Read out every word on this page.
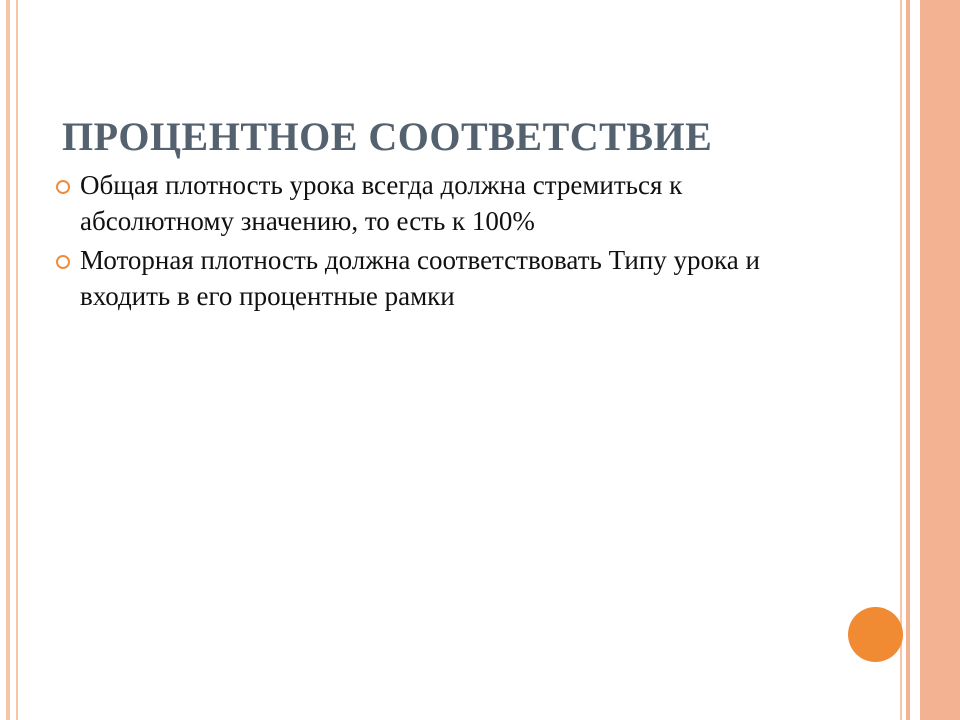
ПРОЦЕНТНОЕ СООТВЕТСТВИЕ
Общая плотность урока всегда должна стремиться к абсолютному значению, то есть к 100%
Моторная плотность должна соответствовать Типу урока и входить в его процентные рамки
